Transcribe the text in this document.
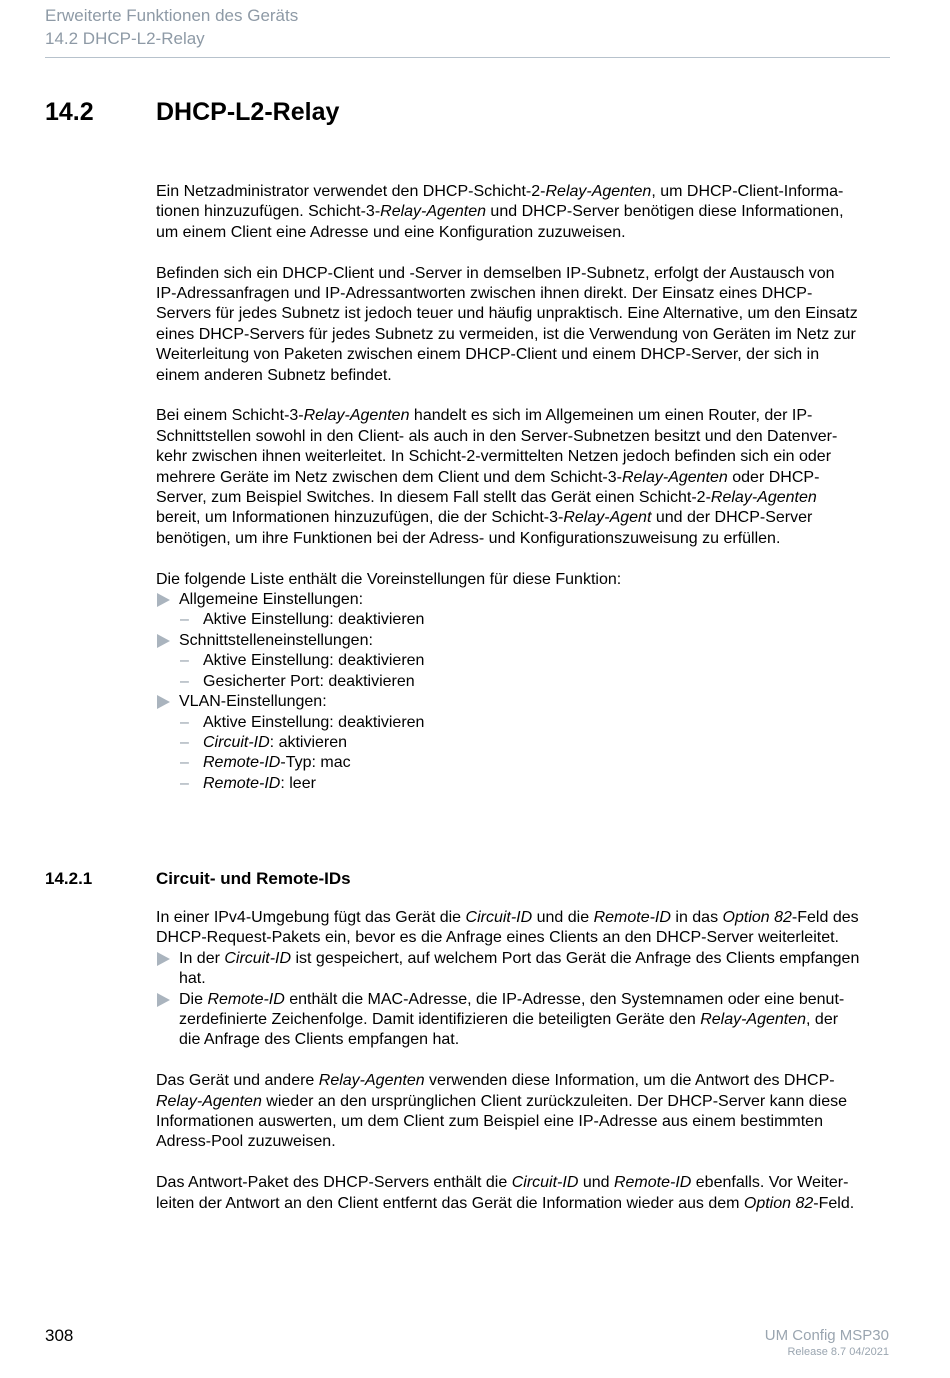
Erweiterte Funktionen des Geräts
14.2 DHCP-L2-Relay
14.2 DHCP-L2-Relay
Ein Netzadministrator verwendet den DHCP-Schicht-2-Relay-Agenten, um DHCP-Client-Informa-
tionen hinzuzufügen. Schicht-3-Relay-Agenten und DHCP-Server benötigen diese Informationen,
um einem Client eine Adresse und eine Konfiguration zuzuweisen.
Befinden sich ein DHCP-Client und -Server in demselben IP-Subnetz, erfolgt der Austausch von
IP-Adressanfragen und IP-Adressantworten zwischen ihnen direkt. Der Einsatz eines DHCP-
Servers für jedes Subnetz ist jedoch teuer und häufig unpraktisch. Eine Alternative, um den Einsatz
eines DHCP-Servers für jedes Subnetz zu vermeiden, ist die Verwendung von Geräten im Netz zur
Weiterleitung von Paketen zwischen einem DHCP-Client und einem DHCP-Server, der sich in
einem anderen Subnetz befindet.
Bei einem Schicht-3-Relay-Agenten handelt es sich im Allgemeinen um einen Router, der IP-
Schnittstellen sowohl in den Client- als auch in den Server-Subnetzen besitzt und den Datenver-
kehr zwischen ihnen weiterleitet. In Schicht-2-vermittelten Netzen jedoch befinden sich ein oder
mehrere Geräte im Netz zwischen dem Client und dem Schicht-3-Relay-Agenten oder DHCP-
Server, zum Beispiel Switches. In diesem Fall stellt das Gerät einen Schicht-2-Relay-Agenten
bereit, um Informationen hinzuzufügen, die der Schicht-3-Relay-Agent und der DHCP-Server
benötigen, um ihre Funktionen bei der Adress- und Konfigurationszuweisung zu erfüllen.
Die folgende Liste enthält die Voreinstellungen für diese Funktion:
Allgemeine Einstellungen:
– Aktive Einstellung: deaktivieren
Schnittstelleneinstellungen:
– Aktive Einstellung: deaktivieren
– Gesicherter Port: deaktivieren
VLAN-Einstellungen:
– Aktive Einstellung: deaktivieren
– Circuit-ID: aktivieren
– Remote-ID-Typ: mac
– Remote-ID: leer
14.2.1	Circuit- und Remote-IDs
In einer IPv4-Umgebung fügt das Gerät die Circuit-ID und die Remote-ID in das Option 82-Feld des
DHCP-Request-Pakets ein, bevor es die Anfrage eines Clients an den DHCP-Server weiterleitet.
In der Circuit-ID ist gespeichert, auf welchem Port das Gerät die Anfrage des Clients empfangen
hat.
Die Remote-ID enthält die MAC-Adresse, die IP-Adresse, den Systemnamen oder eine benut-
zerdefinierte Zeichenfolge. Damit identifizieren die beteiligten Geräte den Relay-Agenten, der
die Anfrage des Clients empfangen hat.
Das Gerät und andere Relay-Agenten verwenden diese Information, um die Antwort des DHCP-
Relay-Agenten wieder an den ursprünglichen Client zurückzuleiten. Der DHCP-Server kann diese
Informationen auswerten, um dem Client zum Beispiel eine IP-Adresse aus einem bestimmten
Adress-Pool zuzuweisen.
Das Antwort-Paket des DHCP-Servers enthält die Circuit-ID und Remote-ID ebenfalls. Vor Weiter-
leiten der Antwort an den Client entfernt das Gerät die Information wieder aus dem Option 82-Feld.
308	UM Config MSP30
Release 8.7 04/2021
